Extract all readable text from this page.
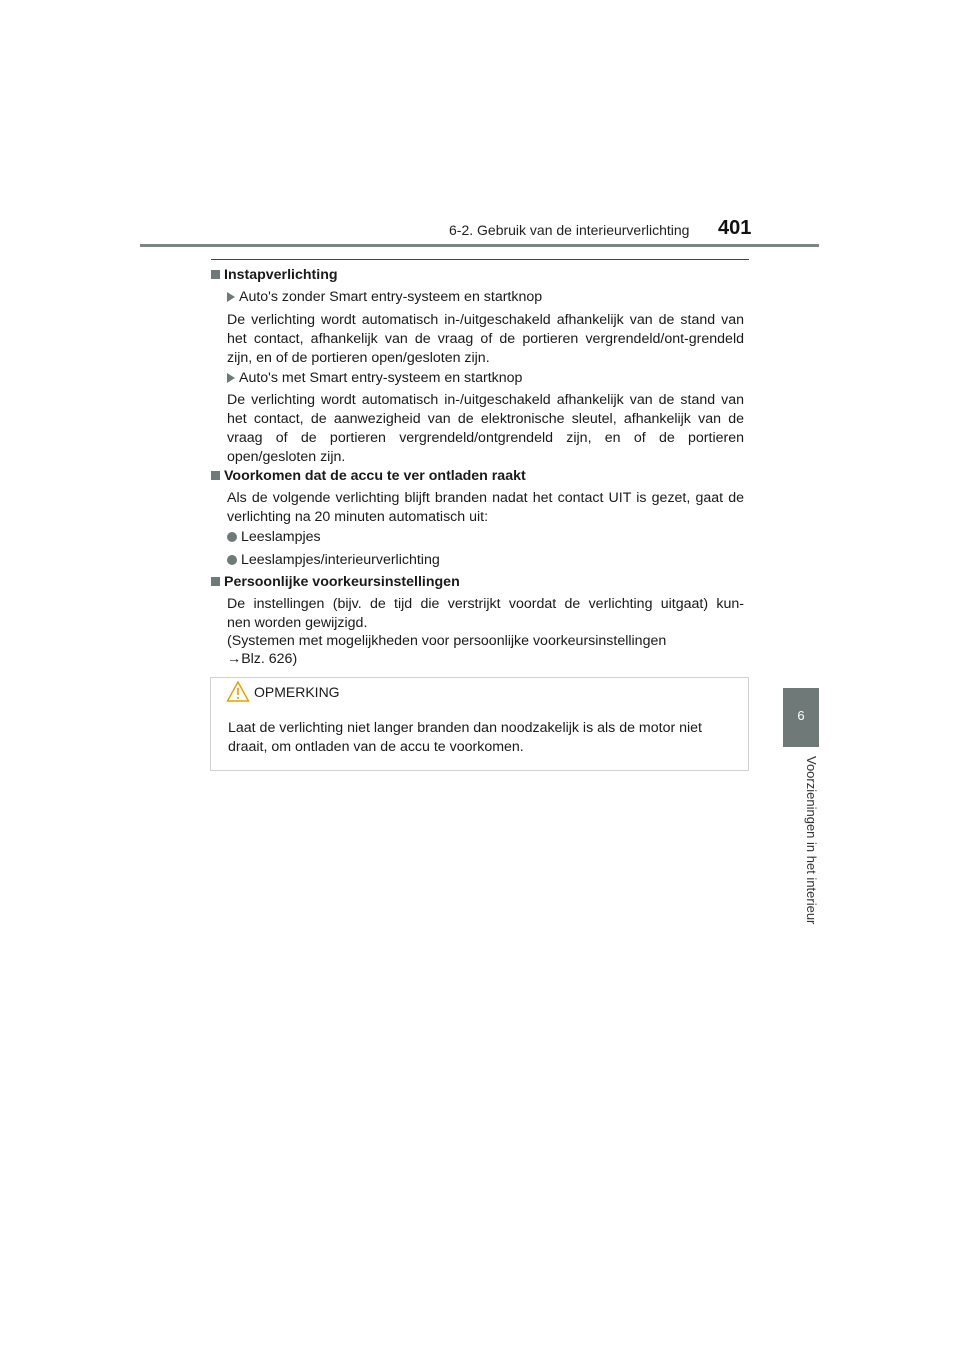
6-2. Gebruik van de interieurverlichting 401
6
Voorzieningen in het interieur
Instapverlichting
Auto's zonder Smart entry-systeem en startknop
De verlichting wordt automatisch in-/uitgeschakeld afhankelijk van de stand van het contact, afhankelijk van de vraag of de portieren vergrendeld/ont-grendeld zijn, en of de portieren open/gesloten zijn.
Auto's met Smart entry-systeem en startknop
De verlichting wordt automatisch in-/uitgeschakeld afhankelijk van de stand van het contact, de aanwezigheid van de elektronische sleutel, afhankelijk van de vraag of de portieren vergrendeld/ontgrendeld zijn, en of de portieren open/gesloten zijn.
Voorkomen dat de accu te ver ontladen raakt
Als de volgende verlichting blijft branden nadat het contact UIT is gezet, gaat de verlichting na 20 minuten automatisch uit:
Leeslampjes
Leeslampjes/interieurverlichting
Persoonlijke voorkeursinstellingen
De instellingen (bijv. de tijd die verstrijkt voordat de verlichting uitgaat) kun-
nen worden gewijzigd.
(Systemen met mogelijkheden voor persoonlijke voorkeursinstellingen
→Blz. 626)
OPMERKING
Laat de verlichting niet langer branden dan noodzakelijk is als de motor niet draait, om ontladen van de accu te voorkomen.
